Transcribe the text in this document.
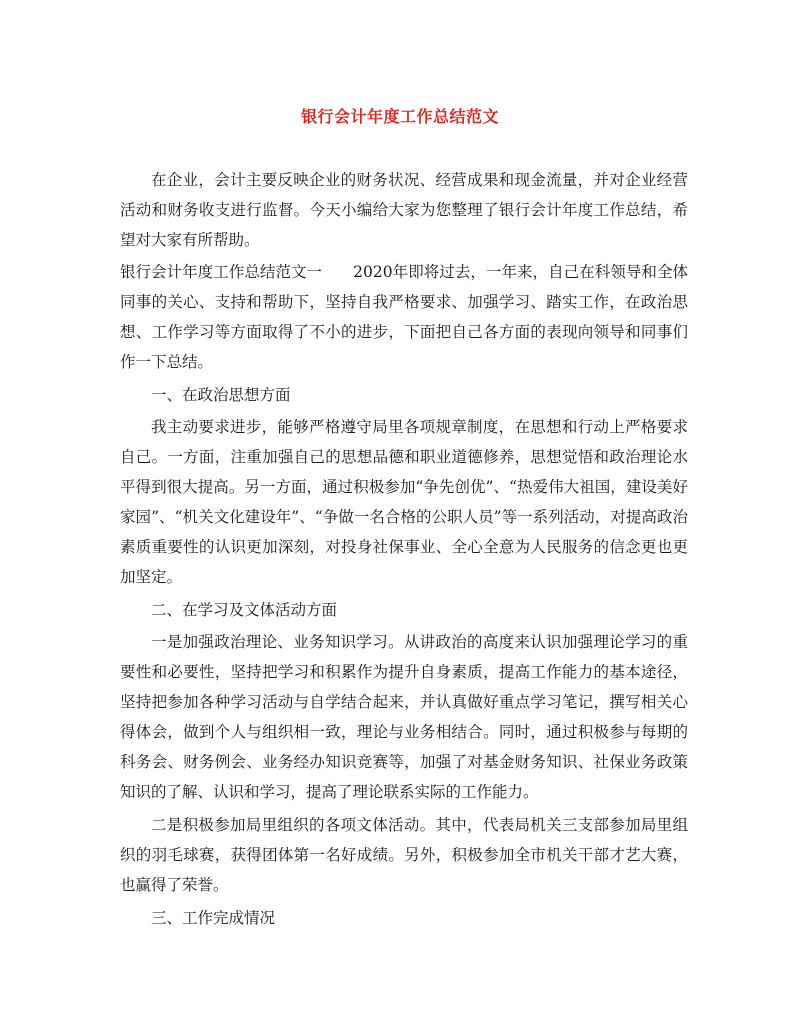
银行会计年度工作总结范文

在企业，会计主要反映企业的财务状况、经营成果和现金流量，并对企业经营活动和财务收支进行监督。今天小编给大家为您整理了银行会计年度工作总结，希望对大家有所帮助。

银行会计年度工作总结范文一　　2020年即将过去，一年来，自己在科领导和全体同事的关心、支持和帮助下，坚持自我严格要求、加强学习、踏实工作，在政治思想、工作学习等方面取得了不小的进步，下面把自己各方面的表现向领导和同事们作一下总结。

一、在政治思想方面

我主动要求进步，能够严格遵守局里各项规章制度，在思想和行动上严格要求自己。一方面，注重加强自己的思想品德和职业道德修养，思想觉悟和政治理论水平得到很大提高。另一方面，通过积极参加“争先创优”、“热爱伟大祖国，建设美好家园”、“机关文化建设年”、“争做一名合格的公职人员”等一系列活动，对提高政治素质重要性的认识更加深刻，对投身社保事业、全心全意为人民服务的信念更也更加坚定。

二、在学习及文体活动方面

一是加强政治理论、业务知识学习。从讲政治的高度来认识加强理论学习的重要性和必要性，坚持把学习和积累作为提升自身素质，提高工作能力的基本途径，坚持把参加各种学习活动与自学结合起来，并认真做好重点学习笔记，撰写相关心得体会，做到个人与组织相一致，理论与业务相结合。同时，通过积极参与每期的科务会、财务例会、业务经办知识竞赛等，加强了对基金财务知识、社保业务政策知识的了解、认识和学习，提高了理论联系实际的工作能力。

二是积极参加局里组织的各项文体活动。其中，代表局机关三支部参加局里组织的羽毛球赛，获得团体第一名好成绩。另外，积极参加全市机关干部才艺大赛，也赢得了荣誉。

三、工作完成情况
